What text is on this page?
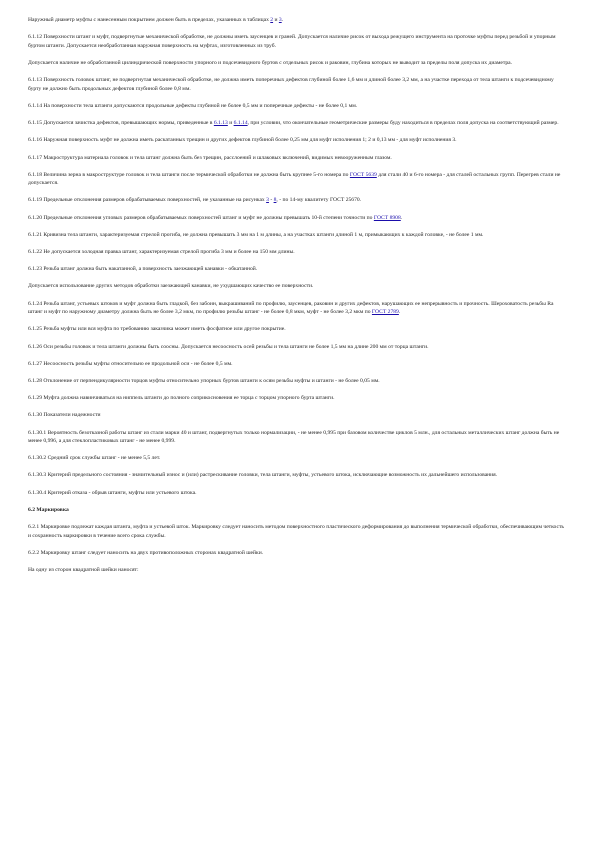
Наружный диаметр муфты с нанесенным покрытием должен быть в пределах, указанных в таблицах 2 и 3.

6.1.12 Поверхности штанг и муфт, подвергнутые механической обработке, не должны иметь заусенцев и граней. Допускается наличие рисок от выхода режущего инструмента на проточке муфты перед резьбой и упорным буртом штанги. Допускается необработанная наружная поверхность на муфтах, изготовленных из труб.

Допускается наличие не обработанной цилиндрической поверхности упорного и подсечевидного буртов с отдельных рисок и раковин, глубина которых не выводит за пределы поля допуска их диаметра.

6.1.13 Поверхность головок штанг, не подвергнутая механической обработке, не должна иметь поперечных дефектов глубиной более 1,6 мм и длиной более 3,2 мм, а на участке перехода от тела штанги к подсечевидному бурту не должно быть продольных дефектов глубиной более 0,8 мм.

6.1.14 На поверхности тела штанги допускаются продольные дефекты глубиной не более 0,5 мм и поперечные дефекты - не более 0,1 мм.

6.1.15 Допускается зачистка дефектов, превышающих нормы, приведенные в 6.1.13 и 6.1.14, при условии, что окончательные геометрические размеры буду находиться в пределах поля допуска на соответствующий размер.

6.1.16 Наружная поверхность муфт не должна иметь раскатанных трещин и других дефектов глубиной более 0,25 мм для муфт исполнения 1; 2 и 0,13 мм - для муфт исполнения 3.

6.1.17 Макроструктура материала головок и тела штанг должна быть без трещин, расслоений и шлаковых включений, видимых невооруженным глазом.

6.1.18 Величина зерна в макроструктуре головок и тела штанги после термической обработки не должна быть крупнее 5-го номера по ГОСТ 5639 для стали 40 и 6-го номера - для сталей остальных групп. Перегрев стали не допускается.

6.1.19 Предельные отклонения размеров обрабатываемых поверхностей, не указанные на рисунках 3 - 8, - по 14-му квалитету ГОСТ 25670.

6.1.20 Предельные отклонения угловых размеров обрабатываемых поверхностей штанг и муфт не должны превышать 10-й степени точности по ГОСТ 8908.

6.1.21 Кривизна тела штанги, характеризуемая стрелой прогиба, не должна превышать 3 мм на 1 м длины, а на участках штанги длиной 1 м, примыкающих к каждой головке, - не более 1 мм.

6.1.22 Не допускается холодная правка штанг, характеризуемая стрелой прогиба 3 мм и более на 150 мм длины.

6.1.23 Резьба штанг должна быть накатанной, а поверхность заезжающей канавки - обкатанной.

Допускается использование других методов обработки заезжающей канавки, не ухудшающих качество ее поверхности.

6.1.24 Резьба штанг, устьевых штоков и муфт должна быть гладкой, без забоин, выкрашиваний по профилю, заусенцев, раковин и других дефектов, нарушающих ее непрерывность и прочность. Шероховатость резьбы Ra штанг и муфт по наружному диаметру должна быть не более 3,2 мкм, по профилю резьбы штанг - не более 0,8 мкм, муфт - не более 3,2 мкм по ГОСТ 2789.

6.1.25 Резьба муфты или вся муфта по требованию заказчика может иметь фосфатное или другое покрытие.

6.1.26 Оси резьбы головок и тела штанги должны быть соосны. Допускается несоосность осей резьбы и тела штанги не более 1,5 мм на длине 200 мм от торца штанги.

6.1.27 Несоосность резьбы муфты относительно ее продольной оси - не более 0,5 мм.

6.1.28 Отклонение от перпендикулярности торцов муфты относительно упорных буртов штанги к осям резьбы муфты и штанги - не более 0,05 мм.

6.1.29 Муфта должна навинчиваться на ниппель штанги до полного соприкосновения ее торца с торцом упорного бурта штанги.

6.1.30 Показатели надежности

6.1.30.1 Вероятность безотказной работы штанг из стали марки 40 и штанг, подвергнутых только нормализации, - не менее 0,995 при базовом количестве циклов 5 млн., для остальных металлических штанг должна быть не менее 0,996, а для стеклопластиковых штанг - не менее 0,999.

6.1.30.2 Средний срок службы штанг - не менее 5,5 лет.

6.1.30.3 Критерий предельного состояния - значительный износ и (или) растрескивание головки, тела штанги, муфты, устьевого штока, исключающие возможность их дальнейшего использования.

6.1.30.4 Критерий отказа - обрыв штанги, муфты или устьевого штока.

6.2 Маркировка

6.2.1 Маркировке подлежат каждая штанга, муфта и устьевой шток. Маркировку следует наносить методом поверхностного пластического деформирования до выполнения термической обработки, обеспечивающим четкость и сохранность маркировки в течение всего срока службы.

6.2.2 Маркировку штанг следует наносить на двух противоположных сторонах квадратной шейки.

На одну из сторон квадратной шейки наносят:
